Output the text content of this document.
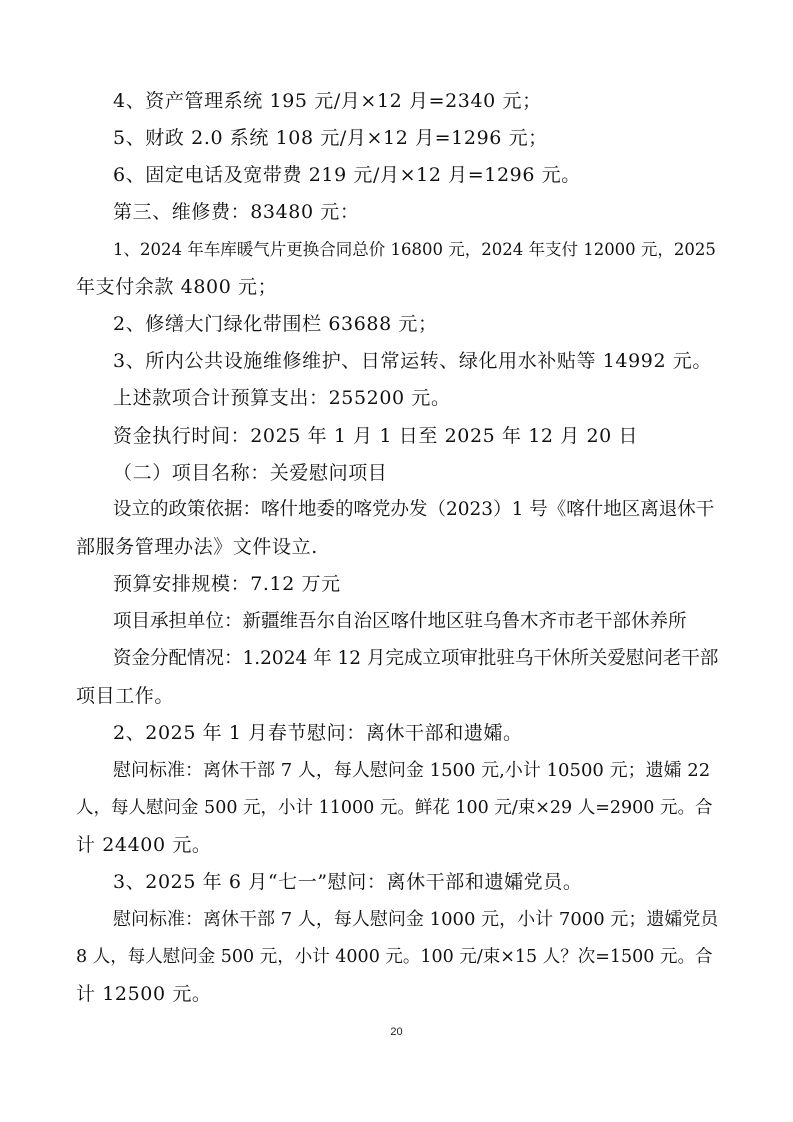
4、资产管理系统 195 元/月×12 月=2340 元；
5、财政 2.0 系统 108 元/月×12 月=1296 元；
6、固定电话及宽带费 219 元/月×12 月=1296 元。
第三、维修费：83480 元：
1、2024 年车库暖气片更换合同总价 16800 元，2024 年支付 12000 元，2025
年支付余款 4800 元；
2、修缮大门绿化带围栏 63688 元；
3、所内公共设施维修维护、日常运转、绿化用水补贴等 14992 元。
上述款项合计预算支出：255200 元。
资金执行时间：2025 年 1 月 1 日至 2025 年 12 月 20 日
（二）项目名称：关爱慰问项目
设立的政策依据：喀什地委的喀党办发（2023）1 号《喀什地区离退休干
部服务管理办法》文件设立.
预算安排规模：7.12 万元
项目承担单位：新疆维吾尔自治区喀什地区驻乌鲁木齐市老干部休养所
资金分配情况：1.2024 年 12 月完成立项审批驻乌干休所关爱慰问老干部
项目工作。
2、2025 年 1 月春节慰问：离休干部和遗孀。
慰问标准：离休干部 7 人，每人慰问金 1500 元,小计 10500 元；遗孀 22
人，每人慰问金 500 元，小计 11000 元。鲜花 100 元/束×29 人=2900 元。合
计 24400 元。
3、2025 年 6 月“七一”慰问：离休干部和遗孀党员。
慰问标准：离休干部 7 人，每人慰问金 1000 元，小计 7000 元；遗孀党员
8 人，每人慰问金 500 元，小计 4000 元。100 元/束×15 人？次=1500 元。合
计 12500 元。
20
